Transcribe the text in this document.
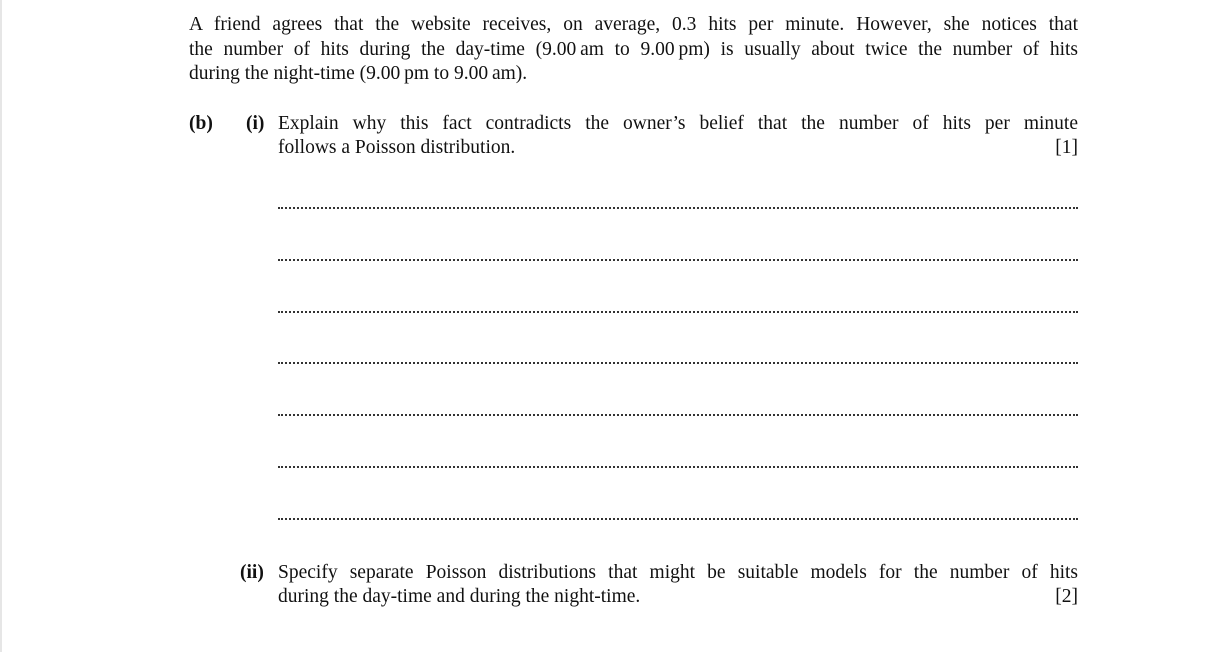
A friend agrees that the website receives, on average, 0.3 hits per minute. However, she notices that
the number of hits during the day-time (9.00 am to 9.00 pm) is usually about twice the number of hits
during the night-time (9.00 pm to 9.00 am).
(b) (i) Explain why this fact contradicts the owner’s belief that the number of hits per minute
follows a Poisson distribution.	[1]
(ii) Specify separate Poisson distributions that might be suitable models for the number of hits
during the day-time and during the night-time.	[2]
